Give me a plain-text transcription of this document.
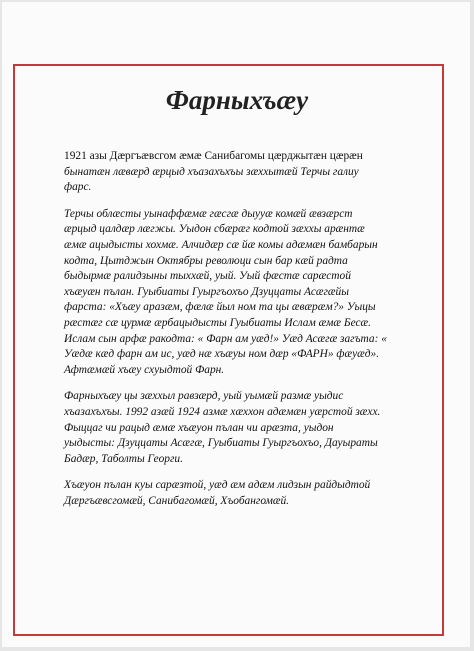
Фарныхъæу

1921 азы Дæргъæвсгом æмæ Санибагомы цæрджытæн цæрæн
бынатæн лæвæрд æрцыд хъазахъхъы зæххытæй Терчы галиу
фарс.

Терчы облæсты уынаффæмæ гæсгæ дыууæ комæй æвзæрст
æрцыд цалдæр лæгжы. Уыдон сбæрæг кодтой зæххы арæнтæ
æмæ ацыдысты хохмæ. Алчидæр сæ йæ комы адæмæн бамбарын
кодта, Цытджын Октябры революци сын бар кæй радта
быдырмæ ралидзыны тыххæй, уый. Уый фæстæ сарæстой
хъæуæн пълан. Гуыбиаты Гуыргъохъо Дзуццаты Асæгæйы
фарста: «Хъæу аразæм, фæлæ йыл ном та цы æвæрæм?» Уыцы
рæстæг сæ цурмæ æрбацыдысты Гуыбиаты Ислам æмæ Бесæ.
Ислам сын арфæ ракодта: « Фарн ам уæд!» Уæд Асæгæ загъта: «
Уæдæ кæд фарн ам ис, уæд нæ хъæуы ном дæр «ФАРН» фæуæд».
Афтæмæй хъæу схуыдтой Фарн.

Фарныхъæу цы зæххыл равзæрд, уый уымæй размæ уыдис
хъазахъхъы. 1992 азæй 1924 азмæ хæххон адæмæн уæрстой зæхх.
Фыццаг чи рацыд æмæ хъæуон пълан чи арæзта, уыдон
уыдысты: Дзуццаты Асæгæ, Гуыбиаты Гуыргъохъо, Дауыраты
Бадæр, Таболты Георги.

Хъæуон пълан куы сарæзтой, уæд æм адæм лидзын райдыдтой
Дæргъæвсгомæй, Санибагомæй, Хъобангомæй.
